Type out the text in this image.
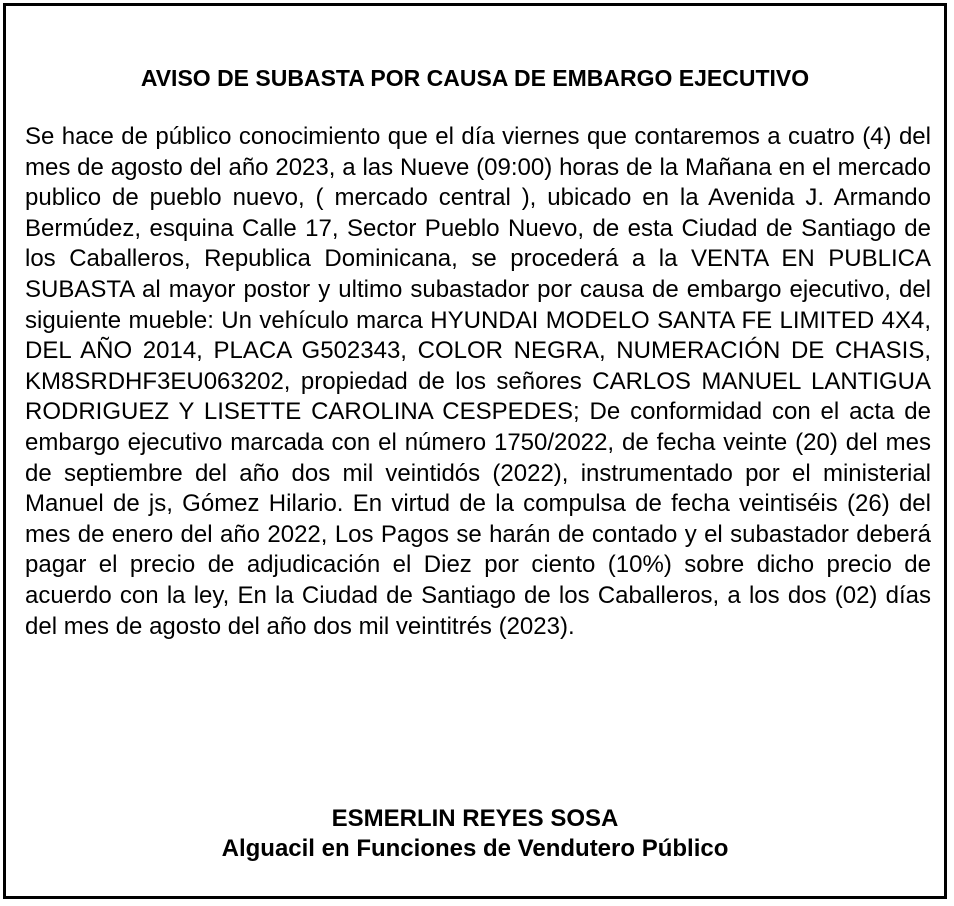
AVISO DE SUBASTA POR CAUSA DE EMBARGO EJECUTIVO

Se hace de público conocimiento que el día viernes que contaremos a cuatro (4) del mes de agosto del año 2023, a las Nueve (09:00) horas de la Mañana en el mercado publico de pueblo nuevo, ( mercado central ), ubicado en la Avenida J. Armando Bermúdez, esquina Calle 17, Sector Pueblo Nuevo, de esta Ciudad de Santiago de los Caballeros, Republica Dominicana, se procederá a la VENTA EN PUBLICA SUBASTA al mayor postor y ultimo subastador por causa de embargo ejecutivo, del siguiente mueble: Un vehículo marca HYUNDAI MODELO SANTA FE LIMITED 4X4, DEL AÑO 2014, PLACA G502343, COLOR NEGRA, NUMERACIÓN DE CHASIS, KM8SRDHF3EU063202, propiedad de los señores CARLOS MANUEL LANTIGUA RODRIGUEZ Y LISETTE CAROLINA CESPEDES; De conformidad con el acta de embargo ejecutivo marcada con el número 1750/2022, de fecha veinte (20) del mes de septiembre del año dos mil veintidós (2022), instrumentado por el ministerial Manuel de js, Gómez Hilario. En virtud de la compulsa de fecha veintiséis (26) del mes de enero del año 2022, Los Pagos se harán de contado y el subastador deberá pagar el precio de adjudicación el Diez por ciento (10%) sobre dicho precio de acuerdo con la ley, En la Ciudad de Santiago de los Caballeros, a los dos (02) días del mes de agosto del año dos mil veintitrés (2023).

ESMERLIN REYES SOSA
Alguacil en Funciones de Vendutero Público
